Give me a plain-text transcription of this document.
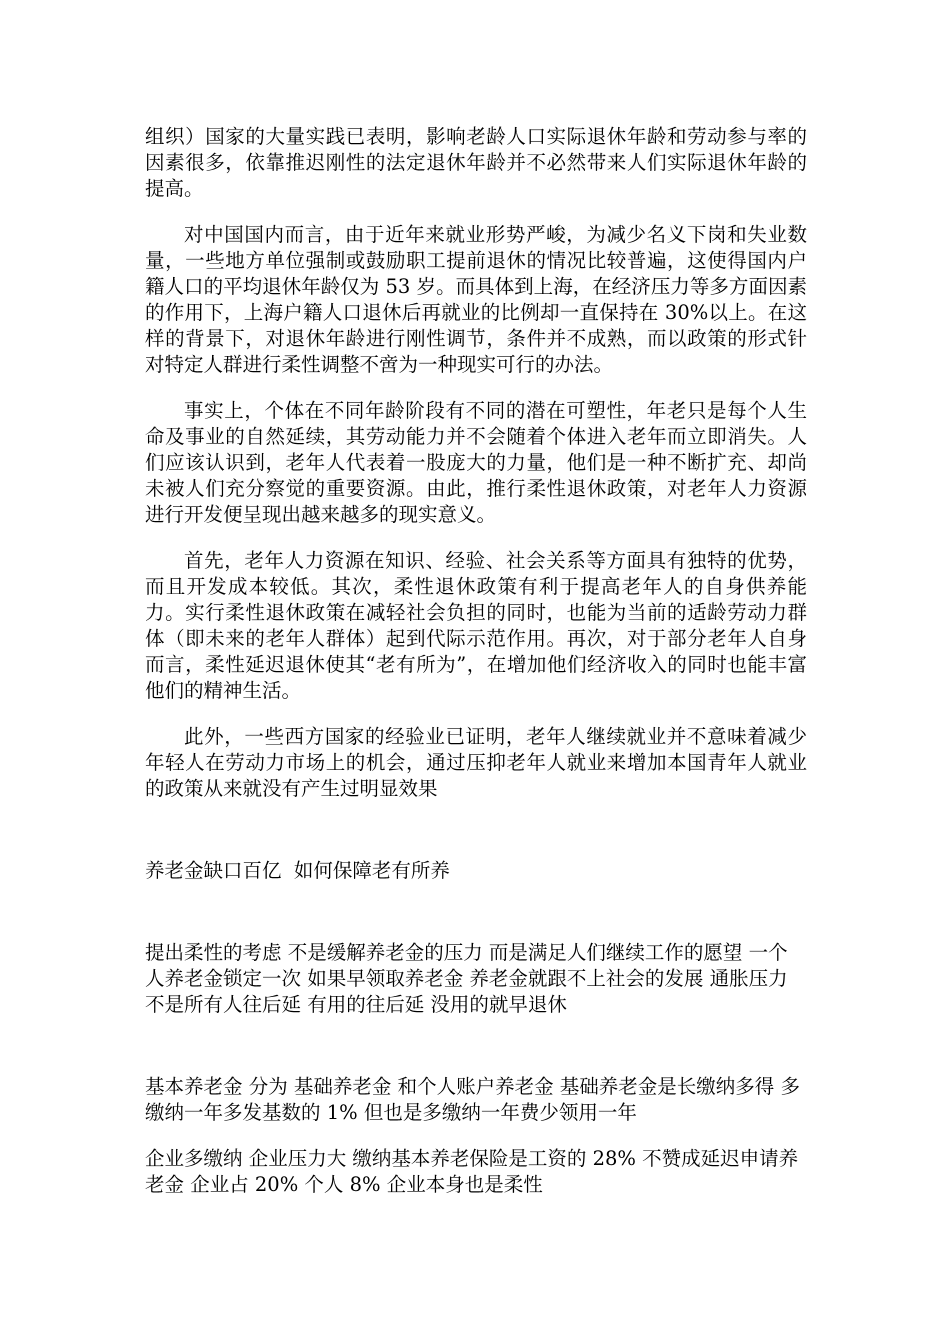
组织）国家的大量实践已表明，影响老龄人口实际退休年龄和劳动参与率的因素很多，依靠推迟刚性的法定退休年龄并不必然带来人们实际退休年龄的提高。

对中国国内而言，由于近年来就业形势严峻，为减少名义下岗和失业数量，一些地方单位强制或鼓励职工提前退休的情况比较普遍，这使得国内户籍人口的平均退休年龄仅为 53 岁。而具体到上海，在经济压力等多方面因素的作用下，上海户籍人口退休后再就业的比例却一直保持在 30%以上。在这样的背景下，对退休年龄进行刚性调节，条件并不成熟，而以政策的形式针对特定人群进行柔性调整不啻为一种现实可行的办法。

事实上，个体在不同年龄阶段有不同的潜在可塑性，年老只是每个人生命及事业的自然延续，其劳动能力并不会随着个体进入老年而立即消失。人们应该认识到，老年人代表着一股庞大的力量，他们是一种不断扩充、却尚未被人们充分察觉的重要资源。由此，推行柔性退休政策，对老年人力资源进行开发便呈现出越来越多的现实意义。

首先，老年人力资源在知识、经验、社会关系等方面具有独特的优势，而且开发成本较低。其次，柔性退休政策有利于提高老年人的自身供养能力。实行柔性退休政策在减轻社会负担的同时，也能为当前的适龄劳动力群体（即未来的老年人群体）起到代际示范作用。再次，对于部分老年人自身而言，柔性延迟退休使其“老有所为”，在增加他们经济收入的同时也能丰富他们的精神生活。

此外，一些西方国家的经验业已证明，老年人继续就业并不意味着减少年轻人在劳动力市场上的机会，通过压抑老年人就业来增加本国青年人就业的政策从来就没有产生过明显效果

养老金缺口百亿  如何保障老有所养

提出柔性的考虑 不是缓解养老金的压力 而是满足人们继续工作的愿望 一个人养老金锁定一次 如果早领取养老金 养老金就跟不上社会的发展 通胀压力 不是所有人往后延 有用的往后延 没用的就早退休

基本养老金 分为 基础养老金 和个人账户养老金 基础养老金是长缴纳多得 多缴纳一年多发基数的 1% 但也是多缴纳一年费少领用一年

企业多缴纳 企业压力大 缴纳基本养老保险是工资的 28% 不赞成延迟申请养老金 企业占 20% 个人 8% 企业本身也是柔性
